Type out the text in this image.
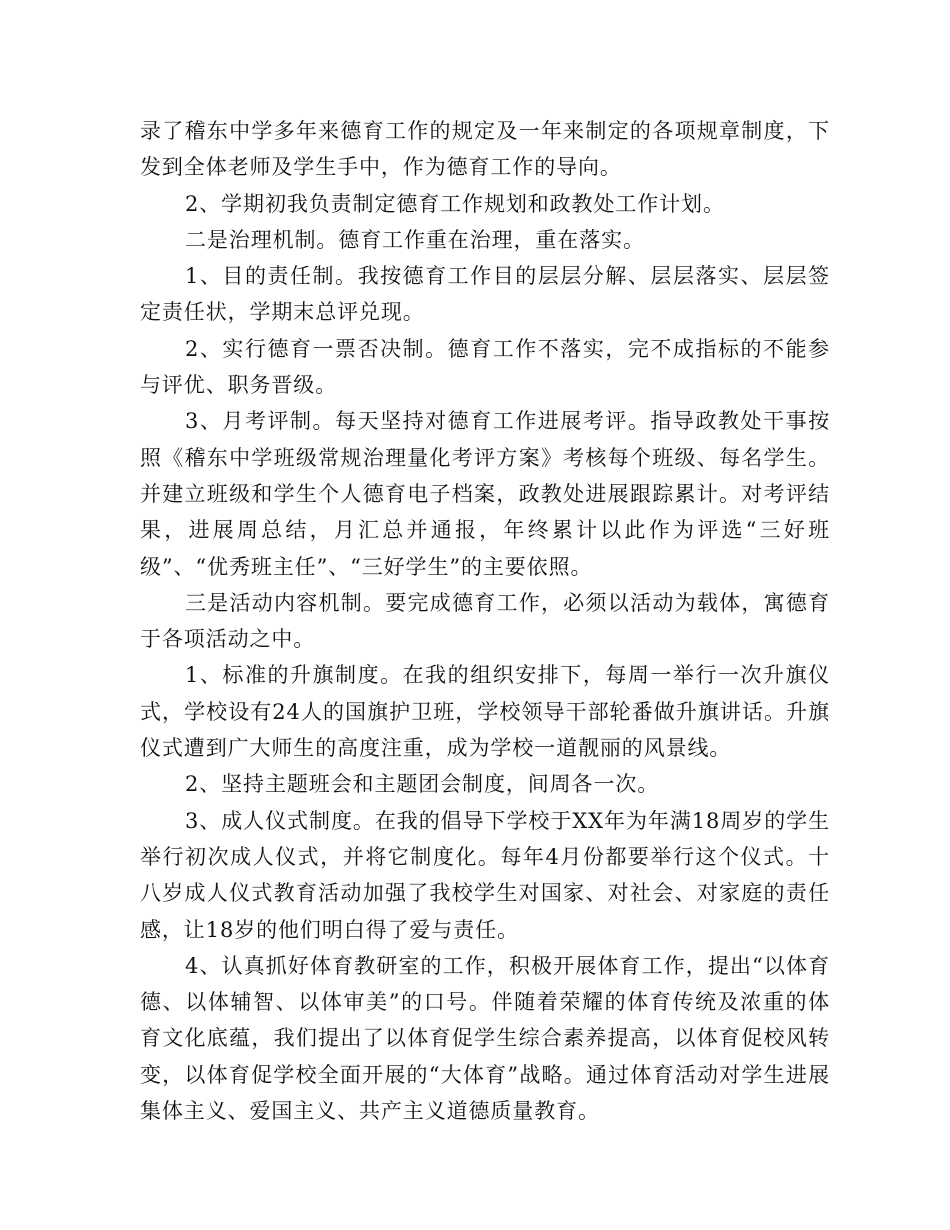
录了稽东中学多年来德育工作的规定及一年来制定的各项规章制度，下发到全体老师及学生手中，作为德育工作的导向。

2、学期初我负责制定德育工作规划和政教处工作计划。

二是治理机制。德育工作重在治理，重在落实。

1、目的责任制。我按德育工作目的层层分解、层层落实、层层签定责任状，学期末总评兑现。

2、实行德育一票否决制。德育工作不落实，完不成指标的不能参与评优、职务晋级。

3、月考评制。每天坚持对德育工作进展考评。指导政教处干事按照《稽东中学班级常规治理量化考评方案》考核每个班级、每名学生。并建立班级和学生个人德育电子档案，政教处进展跟踪累计。对考评结果，进展周总结，月汇总并通报，年终累计以此作为评选“三好班级”、“优秀班主任”、“三好学生”的主要依照。

三是活动内容机制。要完成德育工作，必须以活动为载体，寓德育于各项活动之中。

1、标准的升旗制度。在我的组织安排下，每周一举行一次升旗仪式，学校设有24人的国旗护卫班，学校领导干部轮番做升旗讲话。升旗仪式遭到广大师生的高度注重，成为学校一道靓丽的风景线。

2、坚持主题班会和主题团会制度，间周各一次。

3、成人仪式制度。在我的倡导下学校于XX年为年满18周岁的学生举行初次成人仪式，并将它制度化。每年4月份都要举行这个仪式。十八岁成人仪式教育活动加强了我校学生对国家、对社会、对家庭的责任感，让18岁的他们明白得了爱与责任。

4、认真抓好体育教研室的工作，积极开展体育工作，提出“以体育德、以体辅智、以体审美”的口号。伴随着荣耀的体育传统及浓重的体育文化底蕴，我们提出了以体育促学生综合素养提高，以体育促校风转变，以体育促学校全面开展的“大体育”战略。通过体育活动对学生进展集体主义、爱国主义、共产主义道德质量教育。
